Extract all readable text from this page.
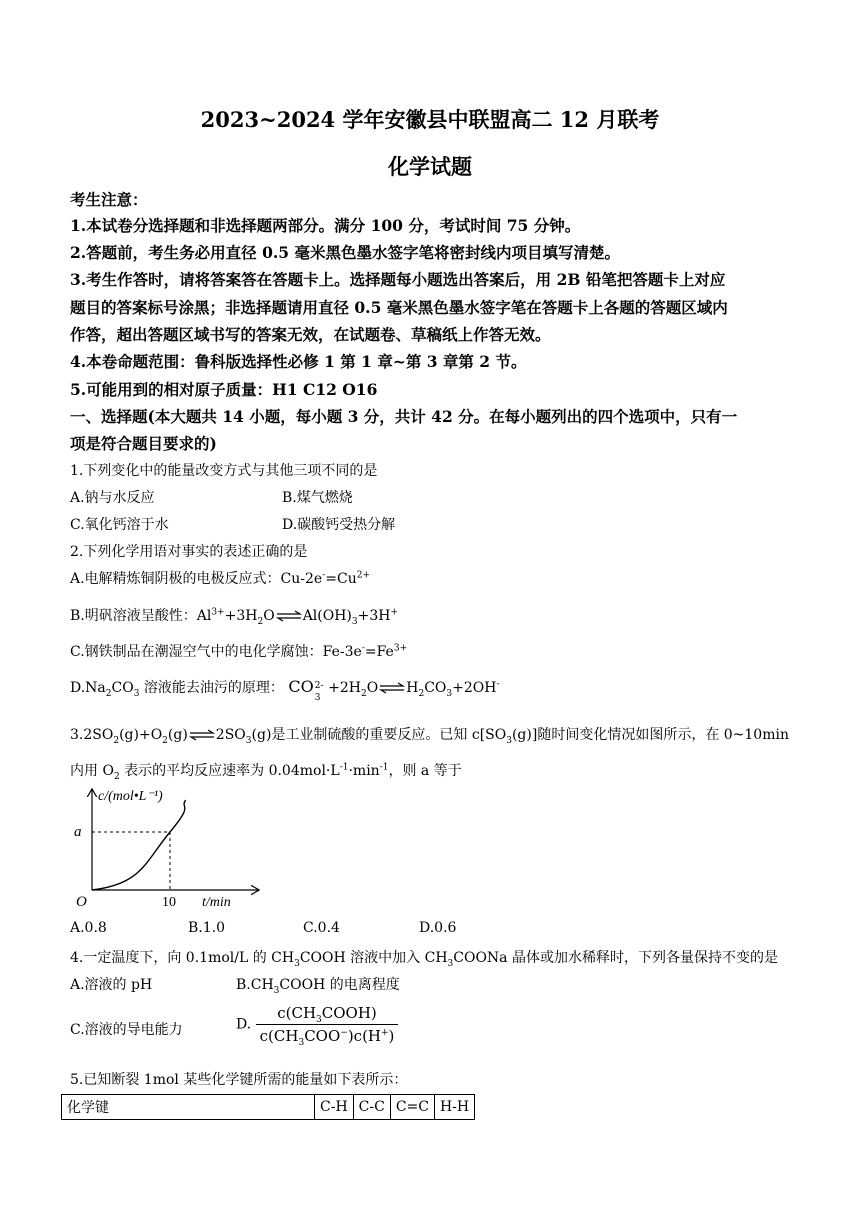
2023~2024 学年安徽县中联盟高二 12 月联考
化学试题
考生注意：
1.本试卷分选择题和非选择题两部分。满分 100 分，考试时间 75 分钟。
2.答题前，考生务必用直径 0.5 毫米黑色墨水签字笔将密封线内项目填写清楚。
3.考生作答时，请将答案答在答题卡上。选择题每小题选出答案后，用 2B 铅笔把答题卡上对应
题目的答案标号涂黑；非选择题请用直径 0.5 毫米黑色墨水签字笔在答题卡上各题的答题区域内
作答，超出答题区域书写的答案无效，在试题卷、草稿纸上作答无效。
4.本卷命题范围：鲁科版选择性必修 1 第 1 章~第 3 章第 2 节。
5.可能用到的相对原子质量：H1 C12 O16
一、选择题(本大题共 14 小题，每小题 3 分，共计 42 分。在每小题列出的四个选项中，只有一
项是符合题目要求的)
1.下列变化中的能量改变方式与其他三项不同的是
A.钠与水反应	B.煤气燃烧
C.氧化钙溶于水	D.碳酸钙受热分解
2.下列化学用语对事实的表述正确的是
A.电解精炼铜阴极的电极反应式：$Cu-2e^-=Cu^{2+}$
B.明矾溶液呈酸性：$Al^{3+}+3H_2O\rightleftharpoons Al(OH)_3+3H^+$
C.钢铁制品在潮湿空气中的电化学腐蚀：$Fe-3e^-=Fe^{3+}$
$D.Na_2CO_3$ 溶液能去油污的原理： CO 2-
3
$+2H_2O\rightleftharpoons H_2CO_3+2OH^-$
$3.2SO_2(g)+O_2(g)\rightleftharpoons 2SO_3(g)$是工业制硫酸的重要反应。已知 $c[SO_3(g)]$随时间变化情况如图所示，在 0~10min
内用 $O_2$ 表示的平均反应速率为 $0.04mol\cdot L^{-1}\cdot\min^{-1}$，则 a 等于
c/(mol•L⁻¹)
a
O	10 t/min
A.0.8	B.1.0	C.0.4	D.0.6
4.一定温度下，向 0.1mol/L 的 $CH_3COOH$ 溶液中加入 $CH_3COONa$ 晶体或加水稀释时，下列各量保持不变的是
A.溶液的 pH	$B.CH_3COOH$ 的电离程度
C.溶液的导电能力	D. $\frac{c(CH_3COOH)}{c(CH_3COO^-)c(H^+)}$
5.已知断裂 1mol 某些化学键所需的能量如下表所示：
化学键	C-H	C-C	C=C	H-H
